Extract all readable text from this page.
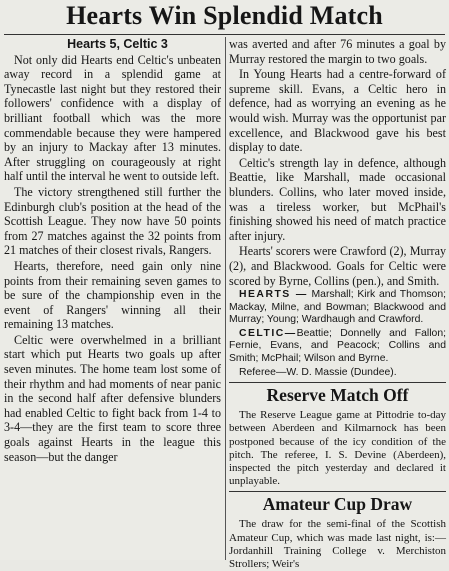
Hearts Win Splendid Match

Hearts 5, Celtic 3

Not only did Hearts end Celtic's unbeaten away record in a splendid game at Tynecastle last night but they restored their followers' confidence with a display of brilliant football which was the more commendable because they were hampered by an injury to Mackay after 13 minutes. After struggling on courageously at right half until the interval he went to outside left.

The victory strengthened still further the Edinburgh club's position at the head of the Scottish League. They now have 50 points from 27 matches against the 32 points from 21 matches of their closest rivals, Rangers.

Hearts, therefore, need gain only nine points from their remaining seven games to be sure of the championship even in the event of Rangers' winning all their remaining 13 matches.

Celtic were overwhelmed in a brilliant start which put Hearts two goals up after seven minutes. The home team lost some of their rhythm and had moments of near panic in the second half after defensive blunders had enabled Celtic to fight back from 1-4 to 3-4—they are the first team to score three goals against Hearts in the league this season—but the danger

was averted and after 76 minutes a goal by Murray restored the margin to two goals.

In Young Hearts had a centre-forward of supreme skill. Evans, a Celtic hero in defence, had as worrying an evening as he would wish. Murray was the opportunist par excellence, and Blackwood gave his best display to date.

Celtic's strength lay in defence, although Beattie, like Marshall, made occasional blunders. Collins, who later moved inside, was a tireless worker, but McPhail's finishing showed his need of match practice after injury.

Hearts' scorers were Crawford (2), Murray (2), and Blackwood. Goals for Celtic were scored by Byrne, Collins (pen.), and Smith.

HEARTS — Marshall; Kirk and Thomson; Mackay, Milne, and Bowman; Blackwood and Murray; Young; Wardhaugh and Crawford.

CELTIC—Beattie; Donnelly and Fallon; Fernie, Evans, and Peacock; Collins and Smith; McPhail; Wilson and Byrne.

Referee—W. D. Massie (Dundee).

Reserve Match Off

The Reserve League game at Pittodrie to-day between Aberdeen and Kilmarnock has been postponed because of the icy condition of the pitch. The referee, I. S. Devine (Aberdeen), inspected the pitch yesterday and declared it unplayable.

Amateur Cup Draw

The draw for the semi-final of the Scottish Amateur Cup, which was made last night, is:—Jordanhill Training College v. Merchiston Strollers; Weir's
